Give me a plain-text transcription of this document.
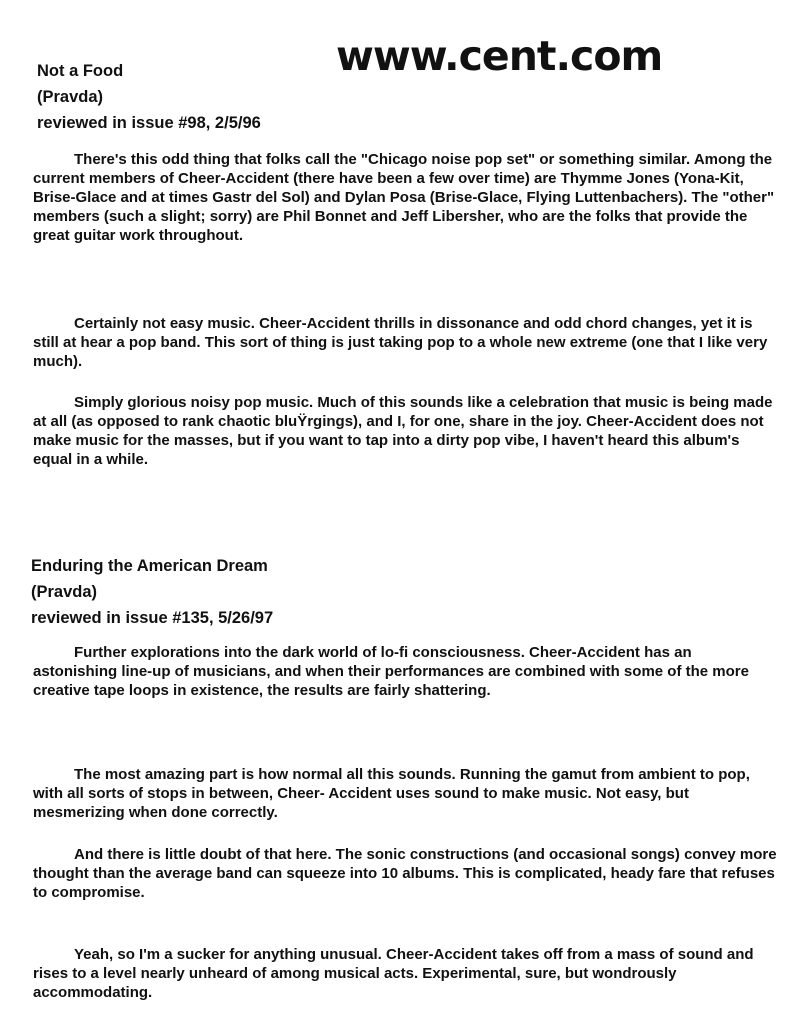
www.cent.com
Not a Food
(Pravda)
reviewed in issue #98, 2/5/96

There's this odd thing that folks call the "Chicago noise pop set" or something similar. Among the current members of Cheer-Accident (there have been a few over time) are Thymme Jones (Yona-Kit, Brise-Glace and at times Gastr del Sol) and Dylan Posa (Brise-Glace, Flying Luttenbachers). The "other" members (such a slight; sorry) are Phil Bonnet and Jeff Libersher, who are the folks that provide the great guitar work throughout.

Certainly not easy music. Cheer-Accident thrills in dissonance and odd chord changes, yet it is still at hear a pop band. This sort of thing is just taking pop to a whole new extreme (one that I like very much).

Simply glorious noisy pop music. Much of this sounds like a celebration that music is being made at all (as opposed to rank chaotic bluŸrgings), and I, for one, share in the joy. Cheer-Accident does not make music for the masses, but if you want to tap into a dirty pop vibe, I haven't heard this album's equal in a while.

Enduring the American Dream
(Pravda)
reviewed in issue #135, 5/26/97

Further explorations into the dark world of lo-fi consciousness. Cheer-Accident has an astonishing line-up of musicians, and when their performances are combined with some of the more creative tape loops in existence, the results are fairly shattering.

The most amazing part is how normal all this sounds. Running the gamut from ambient to pop, with all sorts of stops in between, Cheer- Accident uses sound to make music. Not easy, but mesmerizing when done correctly.

And there is little doubt of that here. The sonic constructions (and occasional songs) convey more thought than the average band can squeeze into 10 albums. This is complicated, heady fare that refuses to compromise.

Yeah, so I'm a sucker for anything unusual. Cheer-Accident takes off from a mass of sound and rises to a level nearly unheard of among musical acts. Experimental, sure, but wondrously accommodating.
